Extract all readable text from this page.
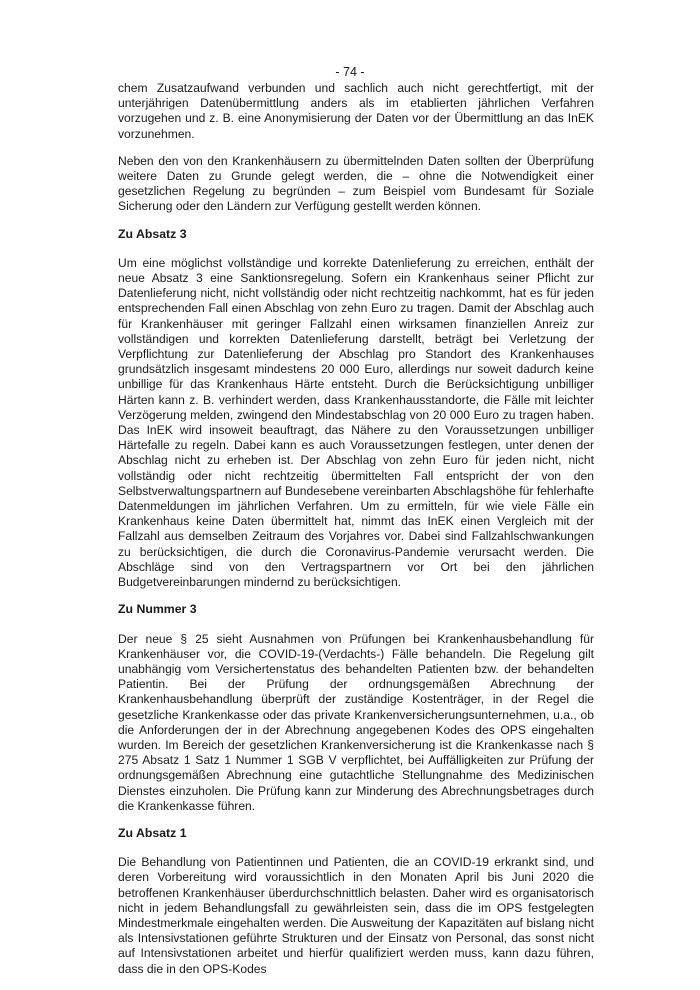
- 74 -

chem Zusatzaufwand verbunden und sachlich auch nicht gerechtfertigt, mit der unterjährigen Datenübermittlung anders als im etablierten jährlichen Verfahren vorzugehen und z. B. eine Anonymisierung der Daten vor der Übermittlung an das InEK vorzunehmen.

Neben den von den Krankenhäusern zu übermittelnden Daten sollten der Überprüfung weitere Daten zu Grunde gelegt werden, die – ohne die Notwendigkeit einer gesetzlichen Regelung zu begründen – zum Beispiel vom Bundesamt für Soziale Sicherung oder den Ländern zur Verfügung gestellt werden können.

Zu Absatz 3

Um eine möglichst vollständige und korrekte Datenlieferung zu erreichen, enthält der neue Absatz 3 eine Sanktionsregelung. Sofern ein Krankenhaus seiner Pflicht zur Datenlieferung nicht, nicht vollständig oder nicht rechtzeitig nachkommt, hat es für jeden entsprechenden Fall einen Abschlag von zehn Euro zu tragen. Damit der Abschlag auch für Krankenhäuser mit geringer Fallzahl einen wirksamen finanziellen Anreiz zur vollständigen und korrekten Datenlieferung darstellt, beträgt bei Verletzung der Verpflichtung zur Datenlieferung der Abschlag pro Standort des Krankenhauses grundsätzlich insgesamt mindestens 20 000 Euro, allerdings nur soweit dadurch keine unbillige für das Krankenhaus Härte entsteht. Durch die Berücksichtigung unbilliger Härten kann z. B. verhindert werden, dass Krankenhausstandorte, die Fälle mit leichter Verzögerung melden, zwingend den Mindestabschlag von 20 000 Euro zu tragen haben. Das InEK wird insoweit beauftragt, das Nähere zu den Voraussetzungen unbilliger Härtefalle zu regeln. Dabei kann es auch Voraussetzungen festlegen, unter denen der Abschlag nicht zu erheben ist. Der Abschlag von zehn Euro für jeden nicht, nicht vollständig oder nicht rechtzeitig übermittelten Fall entspricht der von den Selbstverwaltungspartnern auf Bundesebene vereinbarten Abschlagshöhe für fehlerhafte Datenmeldungen im jährlichen Verfahren. Um zu ermitteln, für wie viele Fälle ein Krankenhaus keine Daten übermittelt hat, nimmt das InEK einen Vergleich mit der Fallzahl aus demselben Zeitraum des Vorjahres vor. Dabei sind Fallzahlschwankungen zu berücksichtigen, die durch die Coronavirus-Pandemie verursacht werden. Die Abschläge sind von den Vertragspartnern vor Ort bei den jährlichen Budgetvereinbarungen mindernd zu berücksichtigen.

Zu Nummer 3

Der neue § 25 sieht Ausnahmen von Prüfungen bei Krankenhausbehandlung für Krankenhäuser vor, die COVID-19-(Verdachts-) Fälle behandeln. Die Regelung gilt unabhängig vom Versichertenstatus des behandelten Patienten bzw. der behandelten Patientin. Bei der Prüfung der ordnungsgemäßen Abrechnung der Krankenhausbehandlung überprüft der zuständige Kostenträger, in der Regel die gesetzliche Krankenkasse oder das private Krankenversicherungsunternehmen, u.a., ob die Anforderungen der in der Abrechnung angegebenen Kodes des OPS eingehalten wurden. Im Bereich der gesetzlichen Krankenversicherung ist die Krankenkasse nach § 275 Absatz 1 Satz 1 Nummer 1 SGB V verpflichtet, bei Auffälligkeiten zur Prüfung der ordnungsgemäßen Abrechnung eine gutachtliche Stellungnahme des Medizinischen Dienstes einzuholen. Die Prüfung kann zur Minderung des Abrechnungsbetrages durch die Krankenkasse führen.

Zu Absatz 1

Die Behandlung von Patientinnen und Patienten, die an COVID-19 erkrankt sind, und deren Vorbereitung wird voraussichtlich in den Monaten April bis Juni 2020 die betroffenen Krankenhäuser überdurchschnittlich belasten. Daher wird es organisatorisch nicht in jedem Behandlungsfall zu gewährleisten sein, dass die im OPS festgelegten Mindestmerkmale eingehalten werden. Die Ausweitung der Kapazitäten auf bislang nicht als Intensivstationen geführte Strukturen und der Einsatz von Personal, das sonst nicht auf Intensivstationen arbeitet und hierfür qualifiziert werden muss, kann dazu führen, dass die in den OPS-Kodes
